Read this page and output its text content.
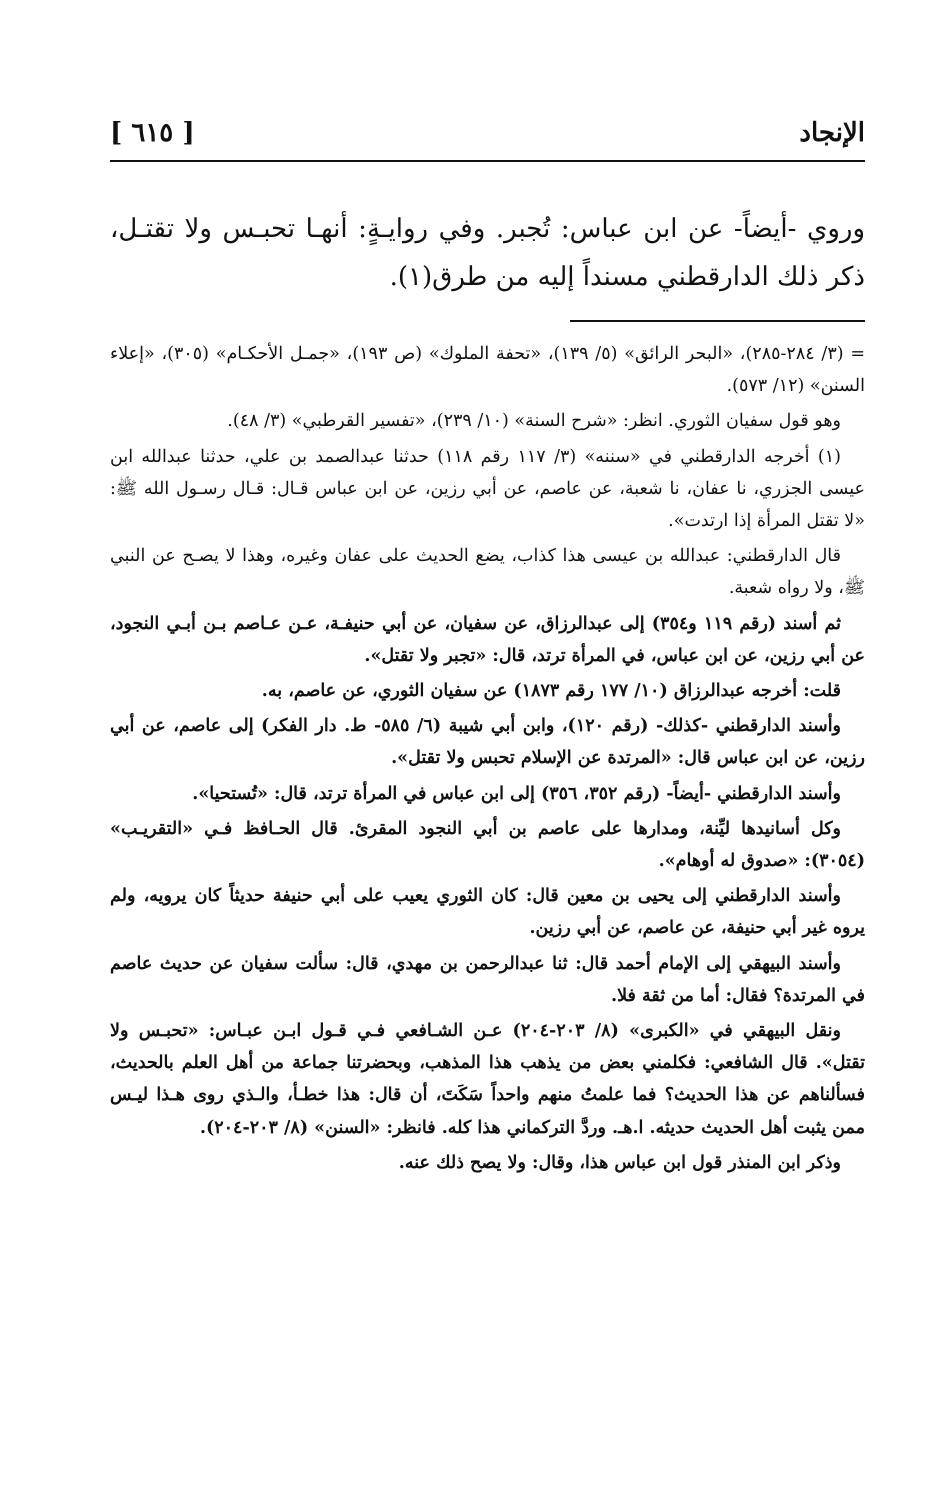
الإنجاد
[ ٦١٥ ]

وروي -أيضاً- عن ابن عباس: تُجبر. وفي روايـةٍ: أنهـا تحبـس ولا تقتـل، ذكر ذلك الدارقطني مسنداً إليه من طرق(١).

= (٣/ ٢٨٤-٢٨٥)، «البحر الرائق» (٥/ ١٣٩)، «تحفة الملوك» (ص ١٩٣)، «جمـل الأحكـام» (٣٠٥)، «إعلاء السنن» (١٢/ ٥٧٣).

وهو قول سفيان الثوري. انظر: «شرح السنة» (١٠/ ٢٣٩)، «تفسير القرطبي» (٣/ ٤٨).

(١) أخرجه الدارقطني في «سننه» (٣/ ١١٧ رقم ١١٨) حدثنا عبدالصمد بن علي، حدثنا عبدالله ابن عيسى الجزري، نا عفان، نا شعبة، عن عاصم، عن أبي رزين، عن ابن عباس قـال: قـال رسـول الله ﷺ: «لا تقتل المرأة إذا ارتدت».

قال الدارقطني: عبدالله بن عيسى هذا كذاب، يضع الحديث على عفان وغيره، وهذا لا يصـح عن النبي ﷺ، ولا رواه شعبة.

ثم أسند (رقم ١١٩ و٣٥٤) إلى عبدالرزاق، عن سفيان، عن أبي حنيفـة، عـن عـاصم بـن أبـي النجود، عن أبي رزين، عن ابن عباس، في المرأة ترتد، قال: «تجبر ولا تقتل».

قلت: أخرجه عبدالرزاق (١٠/ ١٧٧ رقم ١٨٧٣) عن سفيان الثوري، عن عاصم، به.

وأسند الدارقطني -كذلك- (رقم ١٢٠)، وابن أبي شيبة (٦/ ٥٨٥- ط. دار الفكر) إلى عاصم، عن أبي رزين، عن ابن عباس قال: «المرتدة عن الإسلام تحبس ولا تقتل».

وأسند الدارقطني -أيضاً- (رقم ٣٥٢، ٣٥٦) إلى ابن عباس في المرأة ترتد، قال: «تُستحيا».

وكل أسانيدها ليِّنة، ومدارها على عاصم بن أبي النجود المقرئ. قال الحـافظ فـي «التقريـب» (٣٠٥٤): «صدوق له أوهام».

وأسند الدارقطني إلى يحيى بن معين قال: كان الثوري يعيب على أبي حنيفة حديثاً كان يرويه، ولم يروه غير أبي حنيفة، عن عاصم، عن أبي رزين.

وأسند البيهقي إلى الإمام أحمد قال: ثنا عبدالرحمن بن مهدي، قال: سألت سفيان عن حديث عاصم في المرتدة؟ فقال: أما من ثقة فلا.

ونقل البيهقي في «الكبرى» (٨/ ٢٠٣-٢٠٤) عـن الشـافعي فـي قـول ابـن عبـاس: «تحبـس ولا تقتل». قال الشافعي: فكلمني بعض من يذهب هذا المذهب، وبحضرتنا جماعة من أهل العلم بالحديث، فسألناهم عن هذا الحديث؟ فما علمتُ منهم واحداً سَكَتَ، أن قال: هذا خطـأ، والـذي روى هـذا ليـس ممن يثبت أهل الحديث حديثه. ا.هـ. وردَّ التركماني هذا كله. فانظر: «السنن» (٨/ ٢٠٣-٢٠٤).

وذكر ابن المنذر قول ابن عباس هذا، وقال: ولا يصح ذلك عنه.
